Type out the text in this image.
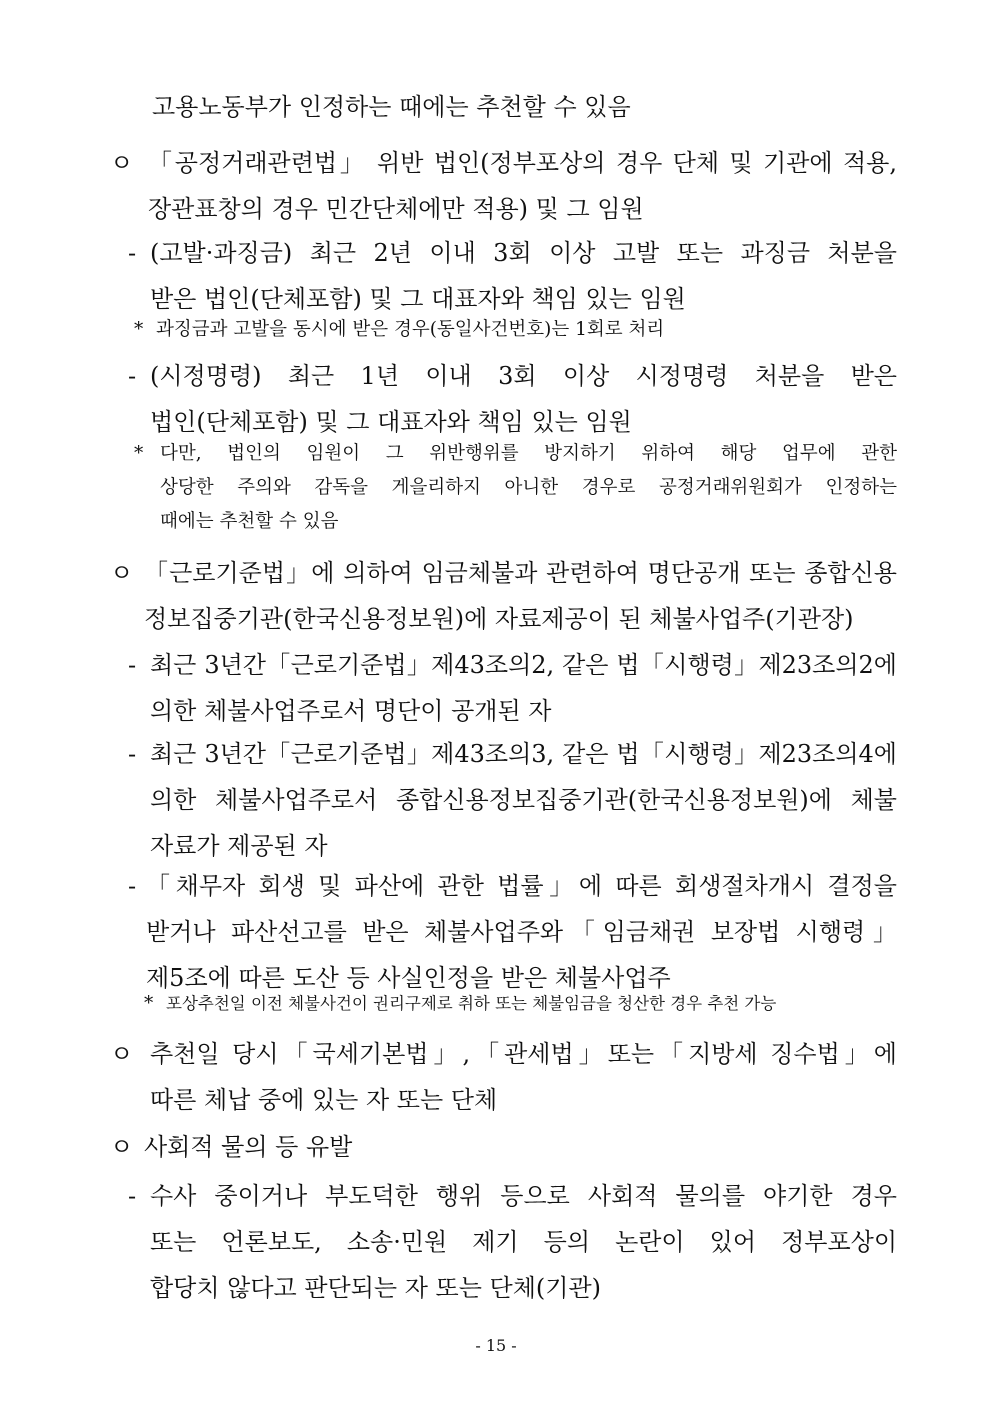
고용노동부가 인정하는 때에는 추천할 수 있음
ㅇ 「공정거래관련법」 위반 법인(정부포상의 경우 단체 및 기관에 적용,
장관표창의 경우 민간단체에만 적용) 및 그 임원
- (고발·과징금) 최근 2년 이내 3회 이상 고발 또는 과징금 처분을
받은 법인(단체포함) 및 그 대표자와 책임 있는 임원
* 과징금과 고발을 동시에 받은 경우(동일사건번호)는 1회로 처리
- (시정명령) 최근 1년 이내 3회 이상 시정명령 처분을 받은
법인(단체포함) 및 그 대표자와 책임 있는 임원
* 다만, 법인의 임원이 그 위반행위를 방지하기 위하여 해당 업무에 관한
상당한 주의와 감독을 게을리하지 아니한 경우로 공정거래위원회가 인정하는
때에는 추천할 수 있음
ㅇ 「근로기준법」에 의하여 임금체불과 관련하여 명단공개 또는 종합신용
정보집중기관(한국신용정보원)에 자료제공이 된 체불사업주(기관장)
- 최근 3년간「근로기준법」제43조의2, 같은 법「시행령」제23조의2에
의한 체불사업주로서 명단이 공개된 자
- 최근 3년간「근로기준법」제43조의3, 같은 법「시행령」제23조의4에
의한 체불사업주로서 종합신용정보집중기관(한국신용정보원)에 체불
자료가 제공된 자
- 「채무자 회생 및 파산에 관한 법률」에 따른 회생절차개시 결정을
받거나 파산선고를 받은 체불사업주와「임금채권 보장법 시행령」
제5조에 따른 도산 등 사실인정을 받은 체불사업주
* 포상추천일 이전 체불사건이 권리구제로 취하 또는 체불임금을 청산한 경우 추천 가능
ㅇ 추천일 당시「국세기본법」,「관세법」또는「지방세 징수법」에
따른 체납 중에 있는 자 또는 단체
ㅇ 사회적 물의 등 유발
- 수사 중이거나 부도덕한 행위 등으로 사회적 물의를 야기한 경우
또는 언론보도, 소송·민원 제기 등의 논란이 있어 정부포상이
합당치 않다고 판단되는 자 또는 단체(기관)
- 15 -
